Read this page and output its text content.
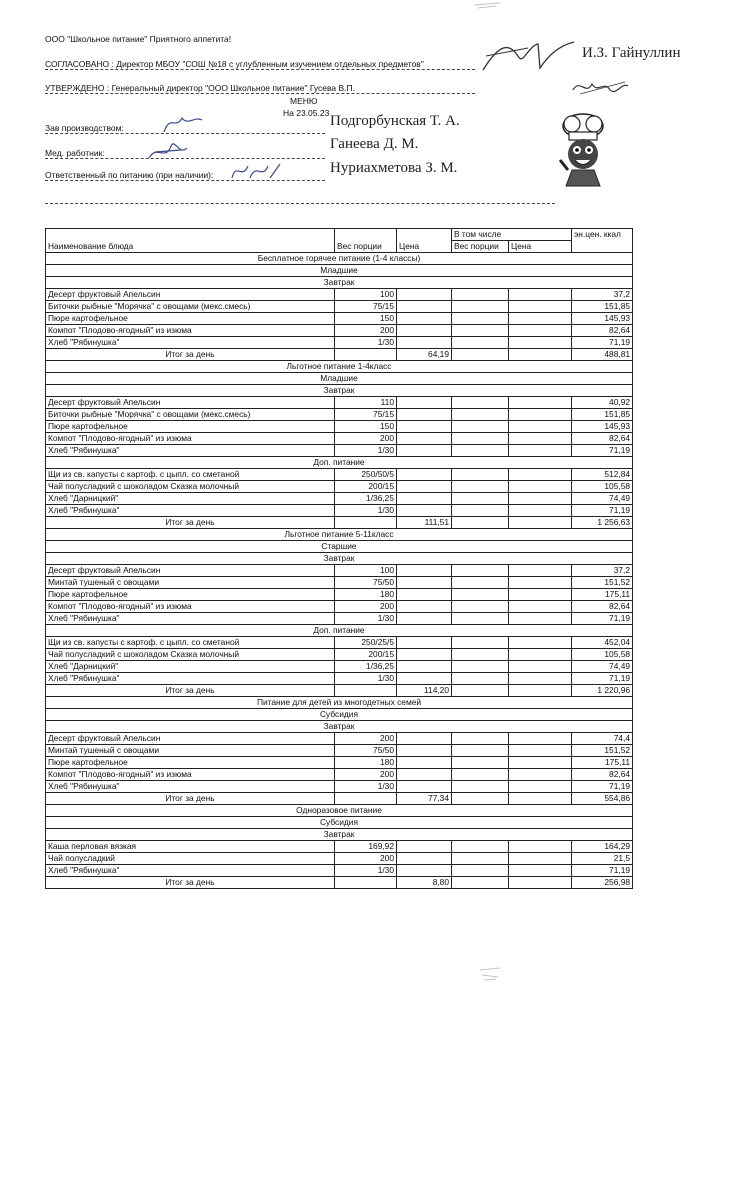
ООО "Школьное питание" Приятного аппетита!
СОГЛАСОВАНО : Директор МБОУ "СОШ №18 с углубленным изучением отдельных предметов"
УТВЕРЖДЕНО : Генеральный директор "ООО Школьное питание" Гусева В.П.
МЕНЮ
На 23.05.23
Зав производством:
Мед. работник:
Ответственный по питанию (при наличии):
И.З. Гайнуллин
Подгорбунская Т. А.
Ганеева Д. М.
Нуриахметова З. М.
Наименование блюда	Вес порции	Цена	В том числе		эн.цен. ккал
			Вес порции	Цена	
Бесплатное горячее питание (1-4 классы)					
Младшие					
Завтрак					
Десерт фруктовый Апельсин	100				37,2
Биточки рыбные "Морячка" с овощами (мекс.смесь)	75/15				151,85
Пюре картофельное	150				145,93
Компот "Плодово-ягодный" из изюма	200				82,64
Хлеб "Рябинушка"	1/30				71,19
Итог за день		64,19			488,81
Льготное питание 1-4класс					
Младшие					
Завтрак					
Десерт фруктовый Апельсин	110				40,92
Биточки рыбные "Морячка" с овощами (мекс.смесь)	75/15				151,85
Пюре картофельное	150				145,93
Компот "Плодово-ягодный" из изюма	200				82,64
Хлеб "Рябинушка"	1/30				71,19
Доп. питание					
Щи из св. капусты с картоф. с цыпл. со сметаной	250/50/5				512,84
Чай полусладкий с шоколадом Сказка молочный	200/15				105,58
Хлеб "Дарницкий"	1/36,25				74,49
Хлеб "Рябинушка"	1/30				71,19
Итог за день		111,51			1 256,63
Льготное питание 5-11класс					
Старшие					
Завтрак					
Десерт фруктовый Апельсин	100				37,2
Минтай тушеный с овощами	75/50				151,52
Пюре картофельное	180				175,11
Компот "Плодово-ягодный" из изюма	200				82,64
Хлеб "Рябинушка"	1/30				71,19
Доп. питание					
Щи из св. капусты с картоф. с цыпл. со сметаной	250/25/5				452,04
Чай полусладкий с шоколадом Сказка молочный	200/15				105,58
Хлеб "Дарницкий"	1/36,25				74,49
Хлеб "Рябинушка"	1/30				71,19
Итог за день		114,20			1 220,96
Питание для детей из многодетных семей					
Субсидия					
Завтрак					
Десерт фруктовый Апельсин	200				74,4
Минтай тушеный с овощами	75/50				151,52
Пюре картофельное	180				175,11
Компот "Плодово-ягодный" из изюма	200				82,64
Хлеб "Рябинушка"	1/30				71,19
Итог за день		77,34			554,86
Одноразовое питание					
Субсидия					
Завтрак					
Каша перловая вязкая	169,92				164,29
Чай полусладкий	200				21,5
Хлеб "Рябинушка"	1/30				71,19
Итог за день		8,80			256,98
